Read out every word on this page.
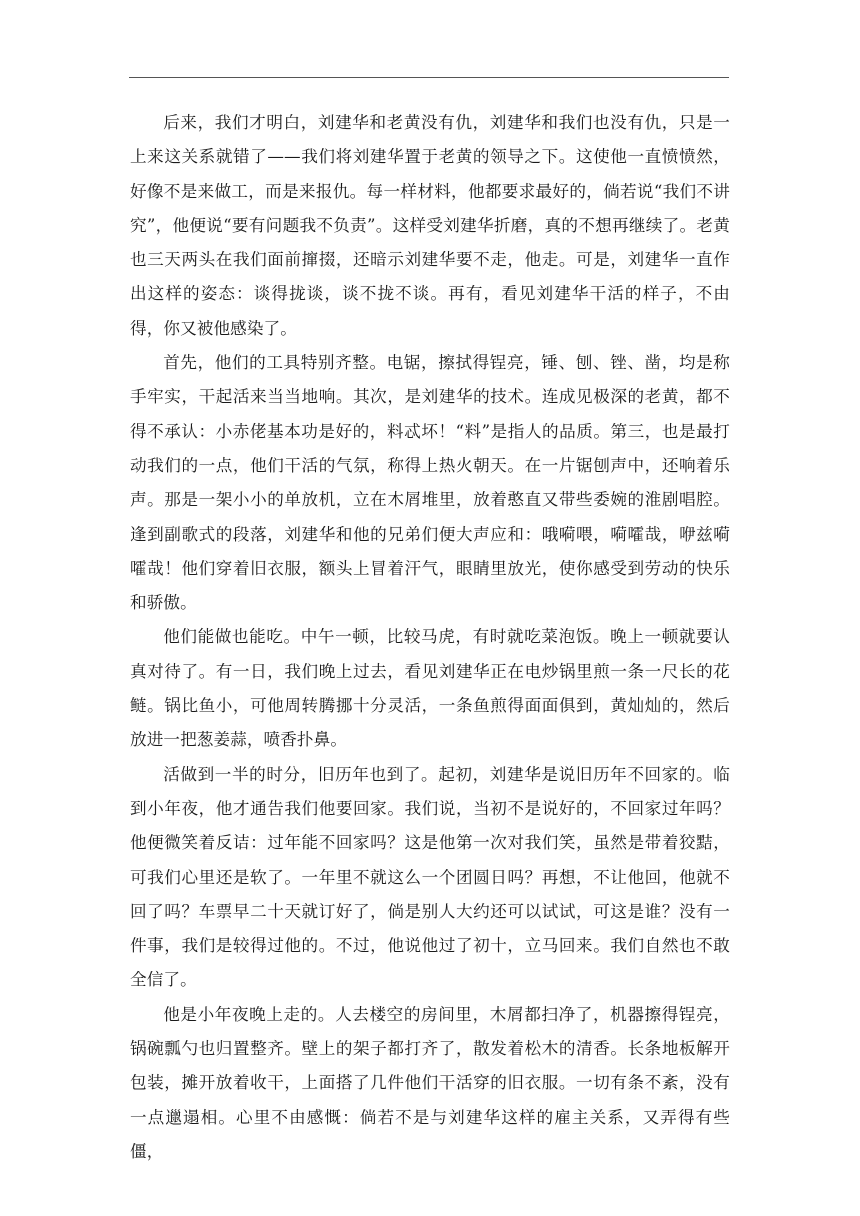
后来，我们才明白，刘建华和老黄没有仇，刘建华和我们也没有仇，只是一上来这关系就错了——我们将刘建华置于老黄的领导之下。这使他一直愤愤然，好像不是来做工，而是来报仇。每一样材料，他都要求最好的，倘若说“我们不讲究”，他便说“要有问题我不负责”。这样受刘建华折磨，真的不想再继续了。老黄也三天两头在我们面前撺掇，还暗示刘建华要不走，他走。可是，刘建华一直作出这样的姿态：谈得拢谈，谈不拢不谈。再有，看见刘建华干活的样子，不由得，你又被他感染了。

首先，他们的工具特别齐整。电锯，擦拭得锃亮，锤、刨、锉、凿，均是称手牢实，干起活来当当地响。其次，是刘建华的技术。连成见极深的老黄，都不得不承认：小赤佬基本功是好的，料忒坏！“料”是指人的品质。第三，也是最打动我们的一点，他们干活的气氛，称得上热火朝天。在一片锯刨声中，还响着乐声。那是一架小小的单放机，立在木屑堆里，放着憨直又带些委婉的淮剧唱腔。逢到副歌式的段落，刘建华和他的兄弟们便大声应和：哦嗬喂，嗬嚯哉，咿兹嗬嚯哉！他们穿着旧衣服，额头上冒着汗气，眼睛里放光，使你感受到劳动的快乐和骄傲。

他们能做也能吃。中午一顿，比较马虎，有时就吃菜泡饭。晚上一顿就要认真对待了。有一日，我们晚上过去，看见刘建华正在电炒锅里煎一条一尺长的花鲢。锅比鱼小，可他周转腾挪十分灵活，一条鱼煎得面面俱到，黄灿灿的，然后放进一把葱姜蒜，喷香扑鼻。

活做到一半的时分，旧历年也到了。起初，刘建华是说旧历年不回家的。临到小年夜，他才通告我们他要回家。我们说，当初不是说好的，不回家过年吗？他便微笑着反诘：过年能不回家吗？这是他第一次对我们笑，虽然是带着狡黠，可我们心里还是软了。一年里不就这么一个团圆日吗？再想，不让他回，他就不回了吗？车票早二十天就订好了，倘是别人大约还可以试试，可这是谁？没有一件事，我们是较得过他的。不过，他说他过了初十，立马回来。我们自然也不敢全信了。

他是小年夜晚上走的。人去楼空的房间里，木屑都扫净了，机器擦得锃亮，锅碗瓢勺也归置整齐。壁上的架子都打齐了，散发着松木的清香。长条地板解开包装，摊开放着收干，上面搭了几件他们干活穿的旧衣服。一切有条不紊，没有一点邋遢相。心里不由感慨：倘若不是与刘建华这样的雇主关系，又弄得有些僵，
